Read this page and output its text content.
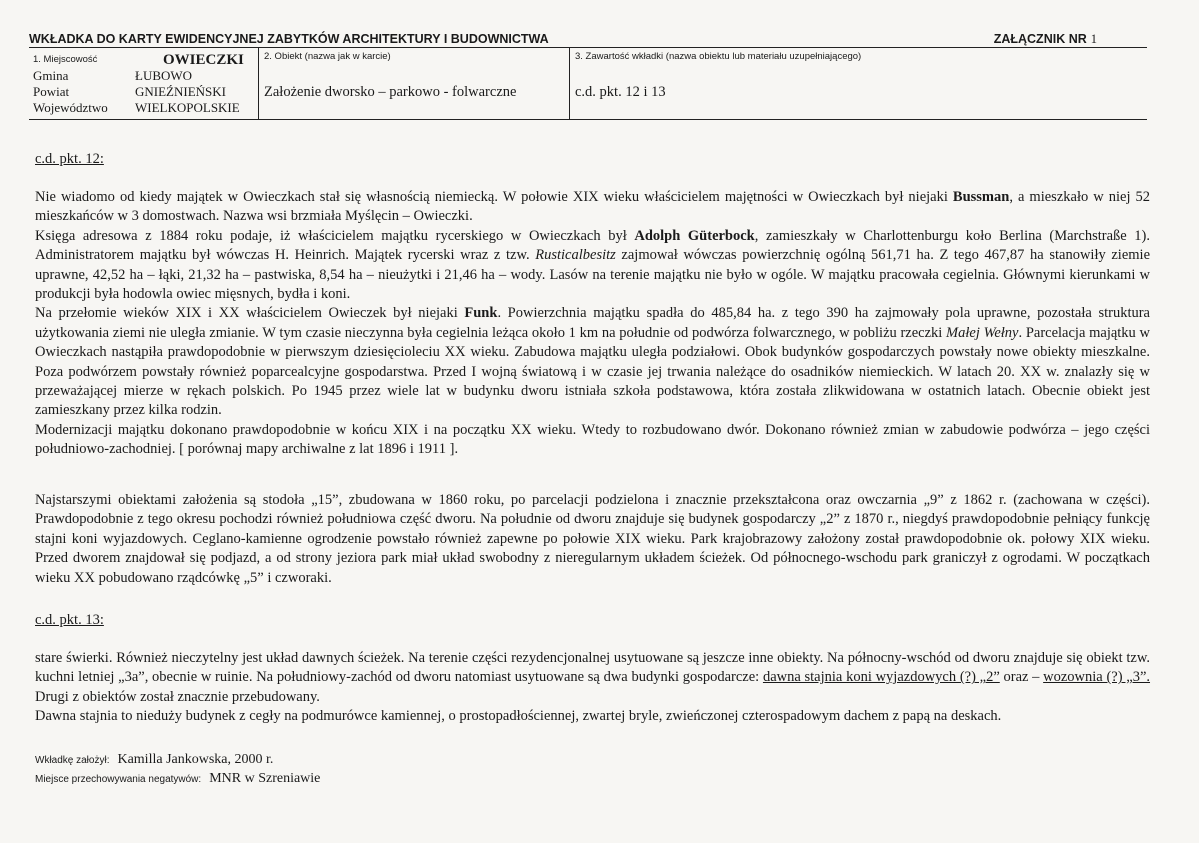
WKŁADKA DO KARTY EWIDENCYJNEJ ZABYTKÓW ARCHITEKTURY I BUDOWNICTWA	ZAŁĄCZNIK NR 1
1. Miejscowość	OWIECZKI
Gmina	ŁUBOWO
Powiat	GNIEŹNIEŃSKI
Województwo	WIELKOPOLSKIE
2. Obiekt (nazwa jak w karcie)
Założenie dworsko – parkowo - folwarczne
3. Zawartość wkładki (nazwa obiektu lub materiału uzupełniającego)
c.d. pkt. 12 i 13
c.d. pkt. 12:

Nie wiadomo od kiedy majątek w Owieczkach stał się własnością niemiecką. W połowie XIX wieku właścicielem majętności w Owieczkach był niejaki Bussman, a mieszkało w niej 52 mieszkańców w 3 domostwach. Nazwa wsi brzmiała Myślęcin – Owieczki.

Księga adresowa z 1884 roku podaje, iż właścicielem majątku rycerskiego w Owieczkach był Adolph Güterbock, zamieszkały w Charlottenburgu koło Berlina (Marchstraße 1). Administratorem majątku był wówczas H. Heinrich. Majątek rycerski wraz z tzw. Rusticalbesitz zajmował wówczas powierzchnię ogólną 561,71 ha. Z tego 467,87 ha stanowiły ziemie uprawne, 42,52 ha – łąki, 21,32 ha – pastwiska, 8,54 ha – nieużytki i 21,46 ha – wody. Lasów na terenie majątku nie było w ogóle. W majątku pracowała cegielnia. Głównymi kierunkami w produkcji była hodowla owiec mięsnych, bydła i koni.

Na przełomie wieków XIX i XX właścicielem Owieczek był niejaki Funk. Powierzchnia majątku spadła do 485,84 ha. z tego 390 ha zajmowały pola uprawne, pozostała struktura użytkowania ziemi nie uległa zmianie. W tym czasie nieczynna była cegielnia leżąca około 1 km na południe od podwórza folwarcznego, w pobliżu rzeczki Małej Wełny. Parcelacja majątku w Owieczkach nastąpiła prawdopodobnie w pierwszym dziesięcioleciu XX wieku. Zabudowa majątku uległa podziałowi. Obok budynków gospodarczych powstały nowe obiekty mieszkalne. Poza podwórzem powstały również poparcealcyjne gospodarstwa. Przed I wojną światową i w czasie jej trwania należące do osadników niemieckich. W latach 20. XX w. znalazły się w przeważającej mierze w rękach polskich. Po 1945 przez wiele lat w budynku dworu istniała szkoła podstawowa, która została zlikwidowana w ostatnich latach. Obecnie obiekt jest zamieszkany przez kilka rodzin.

Modernizacji majątku dokonano prawdopodobnie w końcu XIX i na początku XX wieku. Wtedy to rozbudowano dwór. Dokonano również zmian w zabudowie podwórza – jego części południowo-zachodniej. [ porównaj mapy archiwalne z lat 1896 i 1911 ].

Najstarszymi obiektami założenia są stodoła „15”, zbudowana w 1860 roku, po parcelacji podzielona i znacznie przekształcona oraz owczarnia „9” z 1862 r. (zachowana w części). Prawdopodobnie z tego okresu pochodzi również południowa część dworu. Na południe od dworu znajduje się budynek gospodarczy „2” z 1870 r., niegdyś prawdopodobnie pełniący funkcję stajni koni wyjazdowych. Ceglano-kamienne ogrodzenie powstało również zapewne po połowie XIX wieku. Park krajobrazowy założony został prawdopodobnie ok. połowy XIX wieku. Przed dworem znajdował się podjazd, a od strony jeziora park miał układ swobodny z nieregularnym układem ścieżek. Od północnego-wschodu park graniczył z ogrodami. W początkach wieku XX pobudowano rządcówkę „5” i czworaki.

c.d. pkt. 13:

stare świerki. Również nieczytelny jest układ dawnych ścieżek. Na terenie części rezydencjonalnej usytuowane są jeszcze inne obiekty. Na północny-wschód od dworu znajduje się obiekt tzw. kuchni letniej „3a”, obecnie w ruinie. Na południowy-zachód od dworu natomiast usytuowane są dwa budynki gospodarcze: dawna stajnia koni wyjazdowych (?) „2” oraz – wozownia (?) „3”. Drugi z obiektów został znacznie przebudowany.

Dawna stajnia to nieduży budynek z cegły na podmurówce kamiennej, o prostopadłościennej, zwartej bryle, zwieńczonej czterospadowym dachem z papą na deskach.

Wkładkę założył: Kamilla Jankowska, 2000 r.
Miejsce przechowywania negatywów: MNR w Szreniawie
